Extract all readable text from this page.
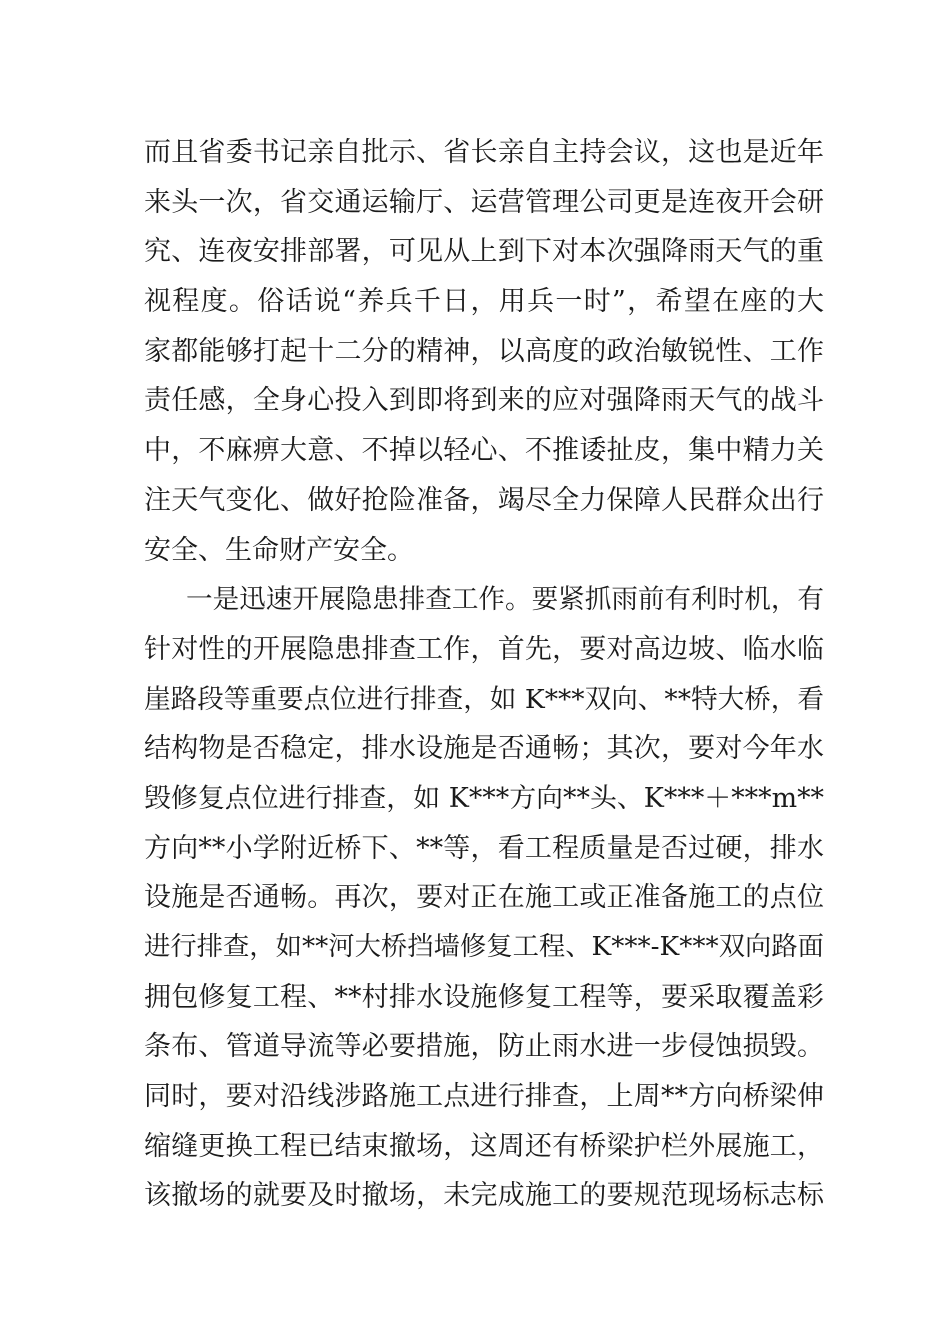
而且省委书记亲自批示、省长亲自主持会议，这也是近年
来头一次，省交通运输厅、运营管理公司更是连夜开会研
究、连夜安排部署，可见从上到下对本次强降雨天气的重
视程度。俗话说“养兵千日，用兵一时”，希望在座的大
家都能够打起十二分的精神，以高度的政治敏锐性、工作
责任感，全身心投入到即将到来的应对强降雨天气的战斗
中，不麻痹大意、不掉以轻心、不推诿扯皮，集中精力关
注天气变化、做好抢险准备，竭尽全力保障人民群众出行
安全、生命财产安全。
一是迅速开展隐患排查工作。要紧抓雨前有利时机，有
针对性的开展隐患排查工作，首先，要对高边坡、临水临
崖路段等重要点位进行排查，如 K***双向、**特大桥，看
结构物是否稳定，排水设施是否通畅；其次，要对今年水
毁修复点位进行排查，如 K***方向**头、K***＋***m**
方向**小学附近桥下、**等，看工程质量是否过硬，排水
设施是否通畅。再次，要对正在施工或正准备施工的点位
进行排查，如**河大桥挡墙修复工程、K***-K***双向路面
拥包修复工程、**村排水设施修复工程等，要采取覆盖彩
条布、管道导流等必要措施，防止雨水进一步侵蚀损毁。
同时，要对沿线涉路施工点进行排查，上周**方向桥梁伸
缩缝更换工程已结束撤场，这周还有桥梁护栏外展施工，
该撤场的就要及时撤场，未完成施工的要规范现场标志标
